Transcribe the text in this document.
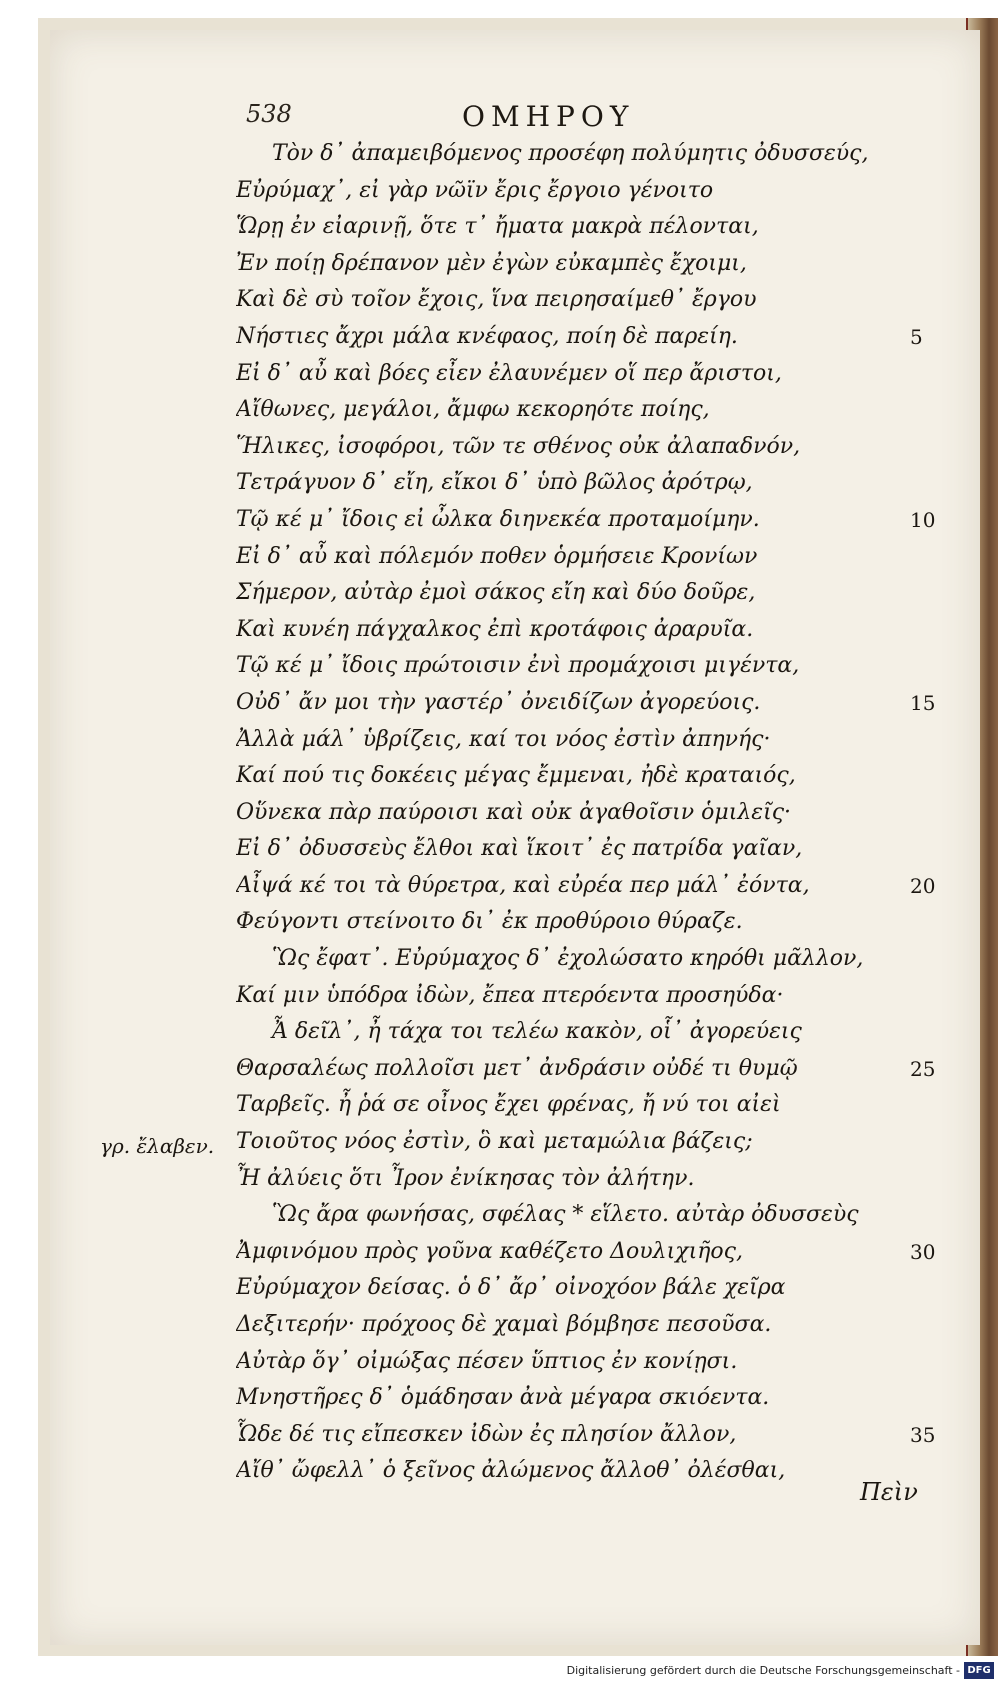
538	ΟΜΗΡΟΥ
Τὸν δ᾽ ἀπαμειβόμενος προσέφη πολύμητις ὀδυσσεύς,
Εὐρύμαχ᾽, εἰ γὰρ νῶϊν ἔρις ἔργοιο γένοιτο
Ὥρῃ ἐν εἰαρινῇ, ὅτε τ᾽ ἤματα μακρὰ πέλονται,
Ἐν ποίῃ δρέπανον μὲν ἐγὼν εὐκαμπὲς ἔχοιμι,
Καὶ δὲ σὺ τοῖον ἔχοις, ἵνα πειρησαίμεθ᾽ ἔργου
Νήστιες ἄχρι μάλα κνέφαος, ποίη δὲ παρείη.
Εἰ δ᾽ αὖ καὶ βόες εἶεν ἐλαυνέμεν οἵ περ ἄριστοι,
Αἴθωνες, μεγάλοι, ἄμφω κεκορηότε ποίης,
Ἥλικες, ἰσοφόροι, τῶν τε σθένος οὐκ ἀλαπαδνόν,
Τετράγυον δ᾽ εἴη, εἴκοι δ᾽ ὑπὸ βῶλος ἀρότρῳ,
Τῷ κέ μ᾽ ἴδοις εἰ ὦλκα διηνεκέα προταμοίμην.
Εἰ δ᾽ αὖ καὶ πόλεμόν ποθεν ὁρμήσειε Κρονίων
Σήμερον, αὐτὰρ ἐμοὶ σάκος εἴη καὶ δύο δοῦρε,
Καὶ κυνέη πάγχαλκος ἐπὶ κροτάφοις ἀραρυῖα.
Τῷ κέ μ᾽ ἴδοις πρώτοισιν ἐνὶ προμάχοισι μιγέντα,
Οὐδ᾽ ἄν μοι τὴν γαστέρ᾽ ὀνειδίζων ἀγορεύοις.
Ἀλλὰ μάλ᾽ ὑβρίζεις, καί τοι νόος ἐστὶν ἀπηνής·
Καί πού τις δοκέεις μέγας ἔμμεναι, ἠδὲ κραταιός,
Οὕνεκα πὰρ παύροισι καὶ οὐκ ἀγαθοῖσιν ὁμιλεῖς·
Εἰ δ᾽ ὀδυσσεὺς ἔλθοι καὶ ἵκοιτ᾽ ἐς πατρίδα γαῖαν,
Αἶψά κέ τοι τὰ θύρετρα, καὶ εὐρέα περ μάλ᾽ ἐόντα,
Φεύγοντι στείνοιτο δι᾽ ἐκ προθύροιο θύραζε.
Ὣς ἔφατ᾽. Εὐρύμαχος δ᾽ ἐχολώσατο κηρόθι μᾶλλον,
Καί μιν ὑπόδρα ἰδὼν, ἔπεα πτερόεντα προσηύδα·
Ἆ δεῖλ᾽, ἦ τάχα τοι τελέω κακὸν, οἷ᾽ ἀγορεύεις
Θαρσαλέως πολλοῖσι μετ᾽ ἀνδράσιν οὐδέ τι θυμῷ
Ταρβεῖς. ἦ ῥά σε οἶνος ἔχει φρένας, ἤ νύ τοι αἰεὶ
Τοιοῦτος νόος ἐστὶν, ὃ καὶ μεταμώλια βάζεις;
Ἦ ἀλύεις ὅτι Ἶρον ἐνίκησας τὸν ἀλήτην.
Ὣς ἄρα φωνήσας, σφέλας * εἵλετο. αὐτὰρ ὀδυσσεὺς
Ἀμφινόμου πρὸς γοῦνα καθέζετο Δουλιχιῆος,
Εὐρύμαχον δείσας. ὁ δ᾽ ἄρ᾽ οἰνοχόον βάλε χεῖρα
Δεξιτερήν· πρόχοος δὲ χαμαὶ βόμβησε πεσοῦσα.
Αὐτὰρ ὅγ᾽ οἰμώξας πέσεν ὕπτιος ἐν κονίῃσι.
Μνηστῆρες δ᾽ ὁμάδησαν ἀνὰ μέγαρα σκιόεντα.
Ὧδε δέ τις εἴπεσκεν ἰδὼν ἐς πλησίον ἄλλον,
Αἴθ᾽ ὤφελλ᾽ ὁ ξεῖνος ἀλώμενος ἄλλοθ᾽ ὀλέσθαι,
5
10
15
20
25
30
35
γρ. ἔλαβεν.
Πεὶν
Digitalisierung gefördert durch die Deutsche Forschungsgemeinschaft - DFG
